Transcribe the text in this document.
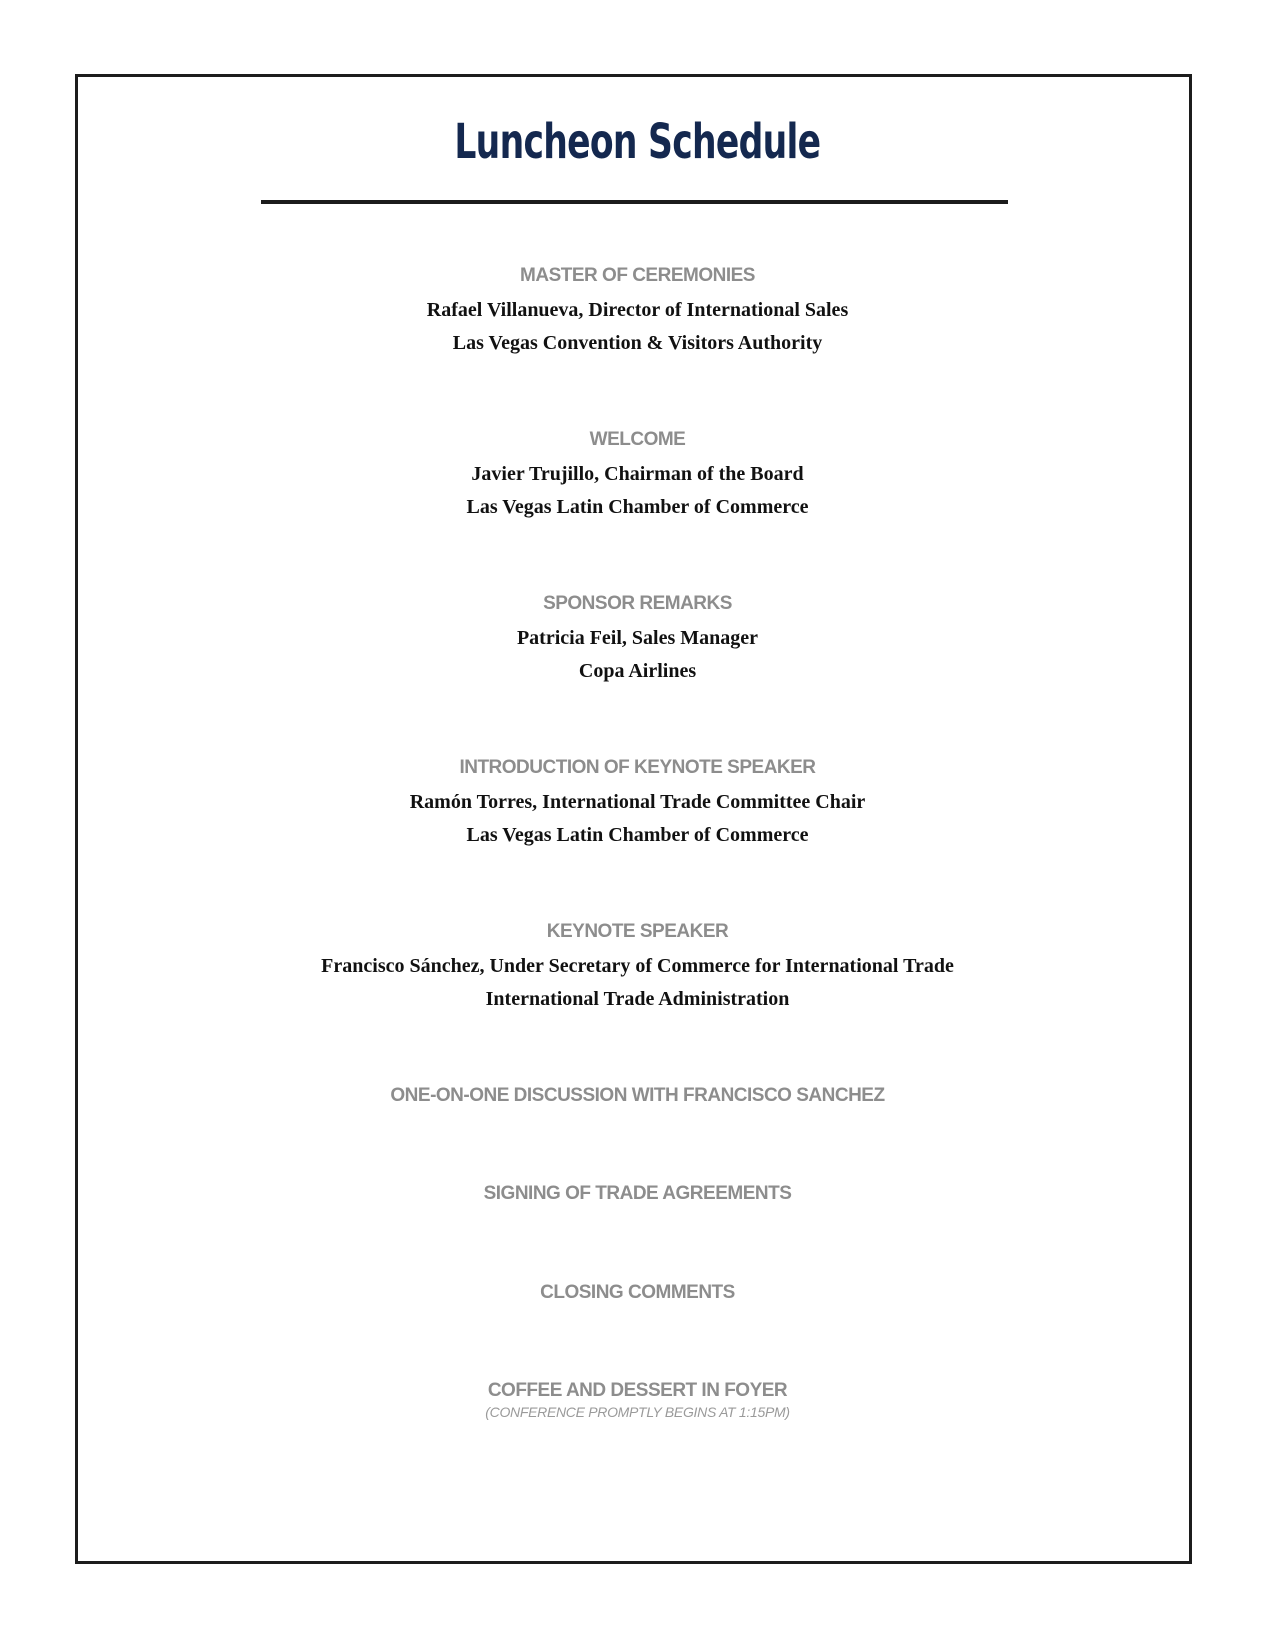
Luncheon Schedule
MASTER OF CEREMONIES
Rafael Villanueva, Director of International Sales
Las Vegas Convention & Visitors Authority
WELCOME
Javier Trujillo, Chairman of the Board
Las Vegas Latin Chamber of Commerce
SPONSOR REMARKS
Patricia Feil, Sales Manager
Copa Airlines
INTRODUCTION OF KEYNOTE SPEAKER
Ramón Torres, International Trade Committee Chair
Las Vegas Latin Chamber of Commerce
KEYNOTE SPEAKER
Francisco Sánchez, Under Secretary of Commerce for International Trade
International Trade Administration
ONE-ON-ONE DISCUSSION WITH FRANCISCO SANCHEZ
SIGNING OF TRADE AGREEMENTS
CLOSING COMMENTS
COFFEE AND DESSERT IN FOYER
(CONFERENCE PROMPTLY BEGINS AT 1:15PM)
